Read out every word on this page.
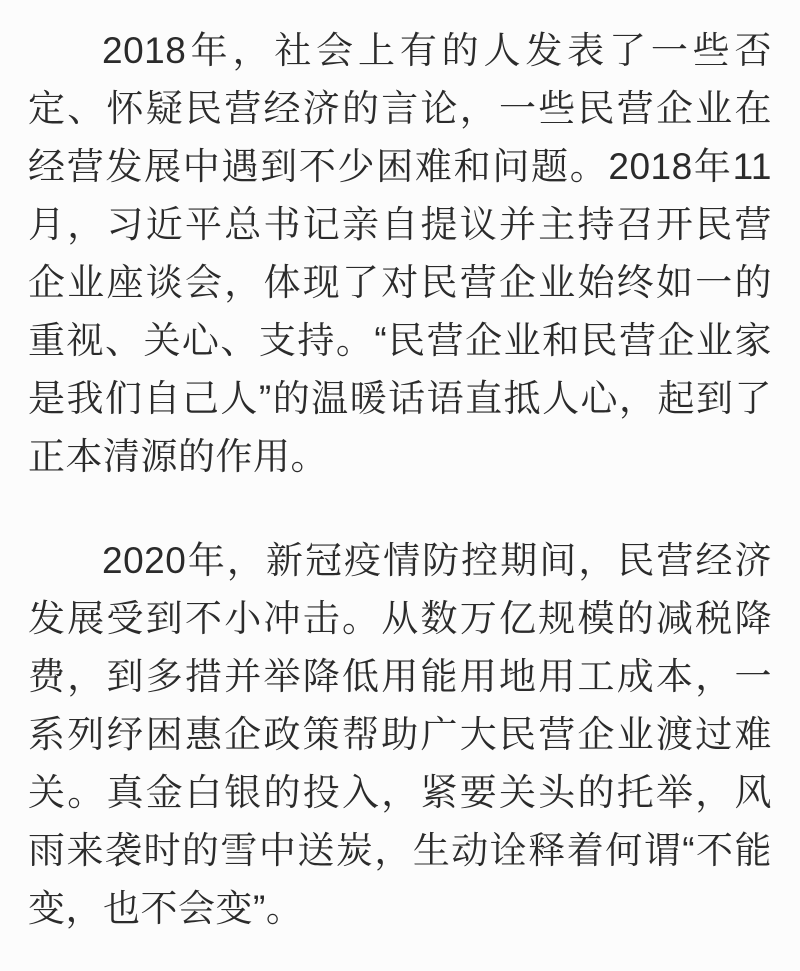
2018年，社会上有的人发表了一些否定、怀疑民营经济的言论，一些民营企业在经营发展中遇到不少困难和问题。2018年11月，习近平总书记亲自提议并主持召开民营企业座谈会，体现了对民营企业始终如一的重视、关心、支持。“民营企业和民营企业家是我们自己人”的温暖话语直抵人心，起到了正本清源的作用。

2020年，新冠疫情防控期间，民营经济发展受到不小冲击。从数万亿规模的减税降费，到多措并举降低用能用地用工成本，一系列纾困惠企政策帮助广大民营企业渡过难关。真金白银的投入，紧要关头的托举，风雨来袭时的雪中送炭，生动诠释着何谓“不能变，也不会变”。
